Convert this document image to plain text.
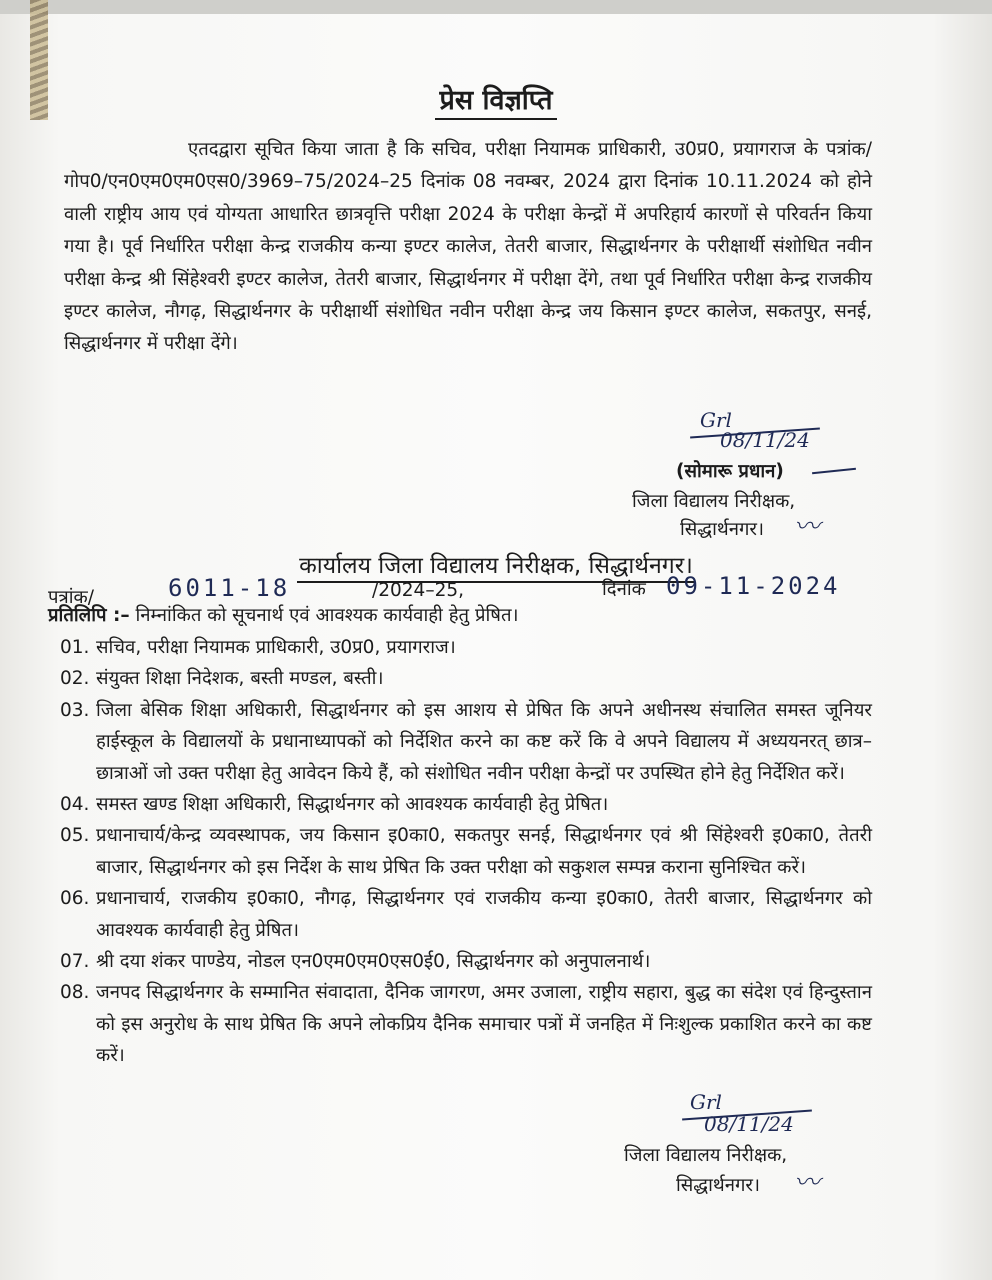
प्रेस विज्ञप्ति

एतदद्वारा सूचित किया जाता है कि सचिव, परीक्षा नियामक प्राधिकारी, उ0प्र0, प्रयागराज के पत्रांक/गोप0/एन0एम0एम0एस0/3969–75/2024–25 दिनांक 08 नवम्बर, 2024 द्वारा दिनांक 10.11.2024 को होने वाली राष्ट्रीय आय एवं योग्यता आधारित छात्रवृत्ति परीक्षा 2024 के परीक्षा केन्द्रों में अपरिहार्य कारणों से परिवर्तन किया गया है। पूर्व निर्धारित परीक्षा केन्द्र राजकीय कन्या इण्टर कालेज, तेतरी बाजार, सिद्धार्थनगर के परीक्षार्थी संशोधित नवीन परीक्षा केन्द्र श्री सिंहेश्वरी इण्टर कालेज, तेतरी बाजार, सिद्धार्थनगर में परीक्षा देंगे, तथा पूर्व निर्धारित परीक्षा केन्द्र राजकीय इण्टर कालेज, नौगढ़, सिद्धार्थनगर के परीक्षार्थी संशोधित नवीन परीक्षा केन्द्र जय किसान इण्टर कालेज, सकतपुर, सनई, सिद्धार्थनगर में परीक्षा देंगे।

Grl
08/11/24
(सोमारू प्रधान)
जिला विद्यालय निरीक्षक,
सिद्धार्थनगर। 〰
कार्यालय जिला विद्यालय निरीक्षक, सिद्धार्थनगर।
पत्रांक/	6011-18	/2024–25,	दिनांक 09-11-2024
प्रतिलिपि :– निम्नांकित को सूचनार्थ एवं आवश्यक कार्यवाही हेतु प्रेषित।
01. सचिव, परीक्षा नियामक प्राधिकारी, उ0प्र0, प्रयागराज।
02. संयुक्त शिक्षा निदेशक, बस्ती मण्डल, बस्ती।
03. जिला बेसिक शिक्षा अधिकारी, सिद्धार्थनगर को इस आशय से प्रेषित कि अपने अधीनस्थ संचालित समस्त जूनियर हाईस्कूल के विद्यालयों के प्रधानाध्यापकों को निर्देशित करने का कष्ट करें कि वे अपने विद्यालय में अध्ययनरत् छात्र–छात्राओं जो उक्त परीक्षा हेतु आवेदन किये हैं, को संशोधित नवीन परीक्षा केन्द्रों पर उपस्थित होने हेतु निर्देशित करें।
04. समस्त खण्ड शिक्षा अधिकारी, सिद्धार्थनगर को आवश्यक कार्यवाही हेतु प्रेषित।
05. प्रधानाचार्य/केन्द्र व्यवस्थापक, जय किसान इ0का0, सकतपुर सनई, सिद्धार्थनगर एवं श्री सिंहेश्वरी इ0का0, तेतरी बाजार, सिद्धार्थनगर को इस निर्देश के साथ प्रेषित कि उक्त परीक्षा को सकुशल सम्पन्न कराना सुनिश्चित करें।
06. प्रधानाचार्य, राजकीय इ0का0, नौगढ़, सिद्धार्थनगर एवं राजकीय कन्या इ0का0, तेतरी बाजार, सिद्धार्थनगर को आवश्यक कार्यवाही हेतु प्रेषित।
07. श्री दया शंकर पाण्डेय, नोडल एन0एम0एम0एस0ई0, सिद्धार्थनगर को अनुपालनार्थ।
08. जनपद सिद्धार्थनगर के सम्मानित संवादाता, दैनिक जागरण, अमर उजाला, राष्ट्रीय सहारा, बुद्ध का संदेश एवं हिन्दुस्तान को इस अनुरोध के साथ प्रेषित कि अपने लोकप्रिय दैनिक समाचार पत्रों में जनहित में निःशुल्क प्रकाशित करने का कष्ट करें।
Grl
08/11/24
जिला विद्यालय निरीक्षक,
सिद्धार्थनगर। 〰
